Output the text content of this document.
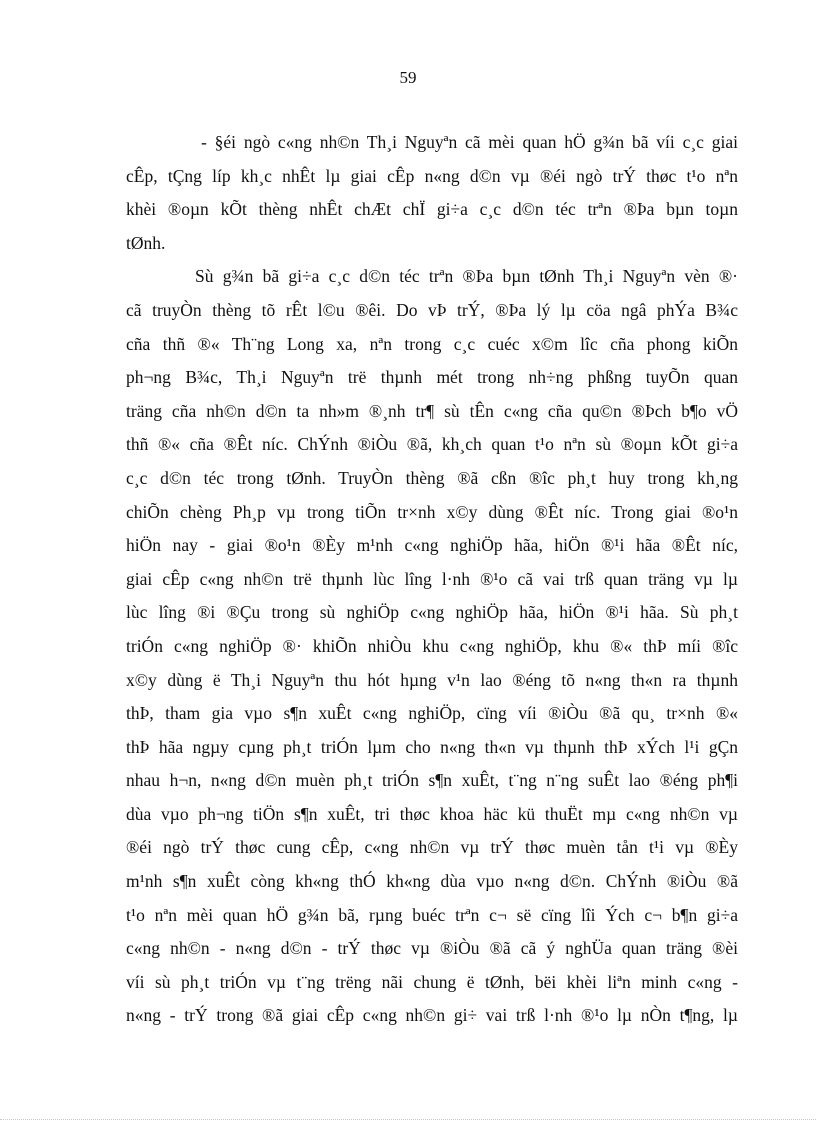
59
- §éi ngò c«ng nh©n Th¸i Nguyªn cã mèi quan hÖ g¾n bã víi c¸c giai
cÊp, tÇng líp kh¸c nhÊt lµ giai cÊp n«ng d©n vµ ®éi ngò trÝ thøc t¹o nªn
khèi ®oµn kÕt thèng nhÊt chÆt chÏ gi÷a c¸c d©n téc trªn ®Þa bµn toµn
tØnh.
Sù g¾n bã gi÷a c¸c d©n téc trªn ®Þa bµn tØnh Th¸i Nguyªn vèn ®·
cã truyÒn thèng tõ rÊt l©u ®êi. Do vÞ trÝ, ®Þa lý lµ cöa ngâ phÝa B¾c
cña thñ ®« Th¨ng Long xa, nªn trong c¸c cuéc x©m lîc cña phong kiÕn
ph¬ng B¾c, Th¸i Nguyªn trë thµnh mét trong nh÷ng phßng tuyÕn quan
träng cña nh©n d©n ta nh»m ®¸nh tr¶ sù tÊn c«ng cña qu©n ®Þch b¶o vÖ
thñ ®« cña ®Êt níc. ChÝnh ®iÒu ®ã, kh¸ch quan t¹o nªn sù ®oµn kÕt gi÷a
c¸c d©n téc trong tØnh. TruyÒn thèng ®ã cßn ®îc ph¸t huy trong kh¸ng
chiÕn chèng Ph¸p vµ trong tiÕn tr×nh x©y dùng ®Êt níc. Trong giai ®o¹n
hiÖn nay - giai ®o¹n ®Èy m¹nh c«ng nghiÖp hãa, hiÖn ®¹i hãa ®Êt níc,
giai cÊp c«ng nh©n trë thµnh lùc lîng l·nh ®¹o cã vai trß quan träng vµ lµ
lùc lîng ®i ®Çu trong sù nghiÖp c«ng nghiÖp hãa, hiÖn ®¹i hãa. Sù ph¸t
triÓn c«ng nghiÖp ®· khiÕn nhiÒu khu c«ng nghiÖp, khu ®« thÞ míi ®îc
x©y dùng ë Th¸i Nguyªn thu hót hµng v¹n lao ®éng tõ n«ng th«n ra thµnh
thÞ, tham gia vµo s¶n xuÊt c«ng nghiÖp, cïng víi ®iÒu ®ã qu¸ tr×nh ®«
thÞ hãa ngµy cµng ph¸t triÓn lµm cho n«ng th«n vµ thµnh thÞ xÝch l¹i gÇn
nhau h¬n, n«ng d©n muèn ph¸t triÓn s¶n xuÊt, t¨ng n¨ng suÊt lao ®éng ph¶i
dùa vµo ph¬ng tiÖn s¶n xuÊt, tri thøc khoa häc kü thuËt mµ c«ng nh©n vµ
®éi ngò trÝ thøc cung cÊp, c«ng nh©n vµ trÝ thøc muèn tån t¹i vµ ®Èy
m¹nh s¶n xuÊt còng kh«ng thÓ kh«ng dùa vµo n«ng d©n. ChÝnh ®iÒu ®ã
t¹o nªn mèi quan hÖ g¾n bã, rµng buéc trªn c¬ së cïng lîi Ých c¬ b¶n gi÷a
c«ng nh©n - n«ng d©n - trÝ thøc vµ ®iÒu ®ã cã ý nghÜa quan träng ®èi
víi sù ph¸t triÓn vµ t¨ng trëng nãi chung ë tØnh, bëi khèi liªn minh c«ng -
n«ng - trÝ trong ®ã giai cÊp c«ng nh©n gi÷ vai trß l·nh ®¹o lµ nÒn t¶ng, lµ
